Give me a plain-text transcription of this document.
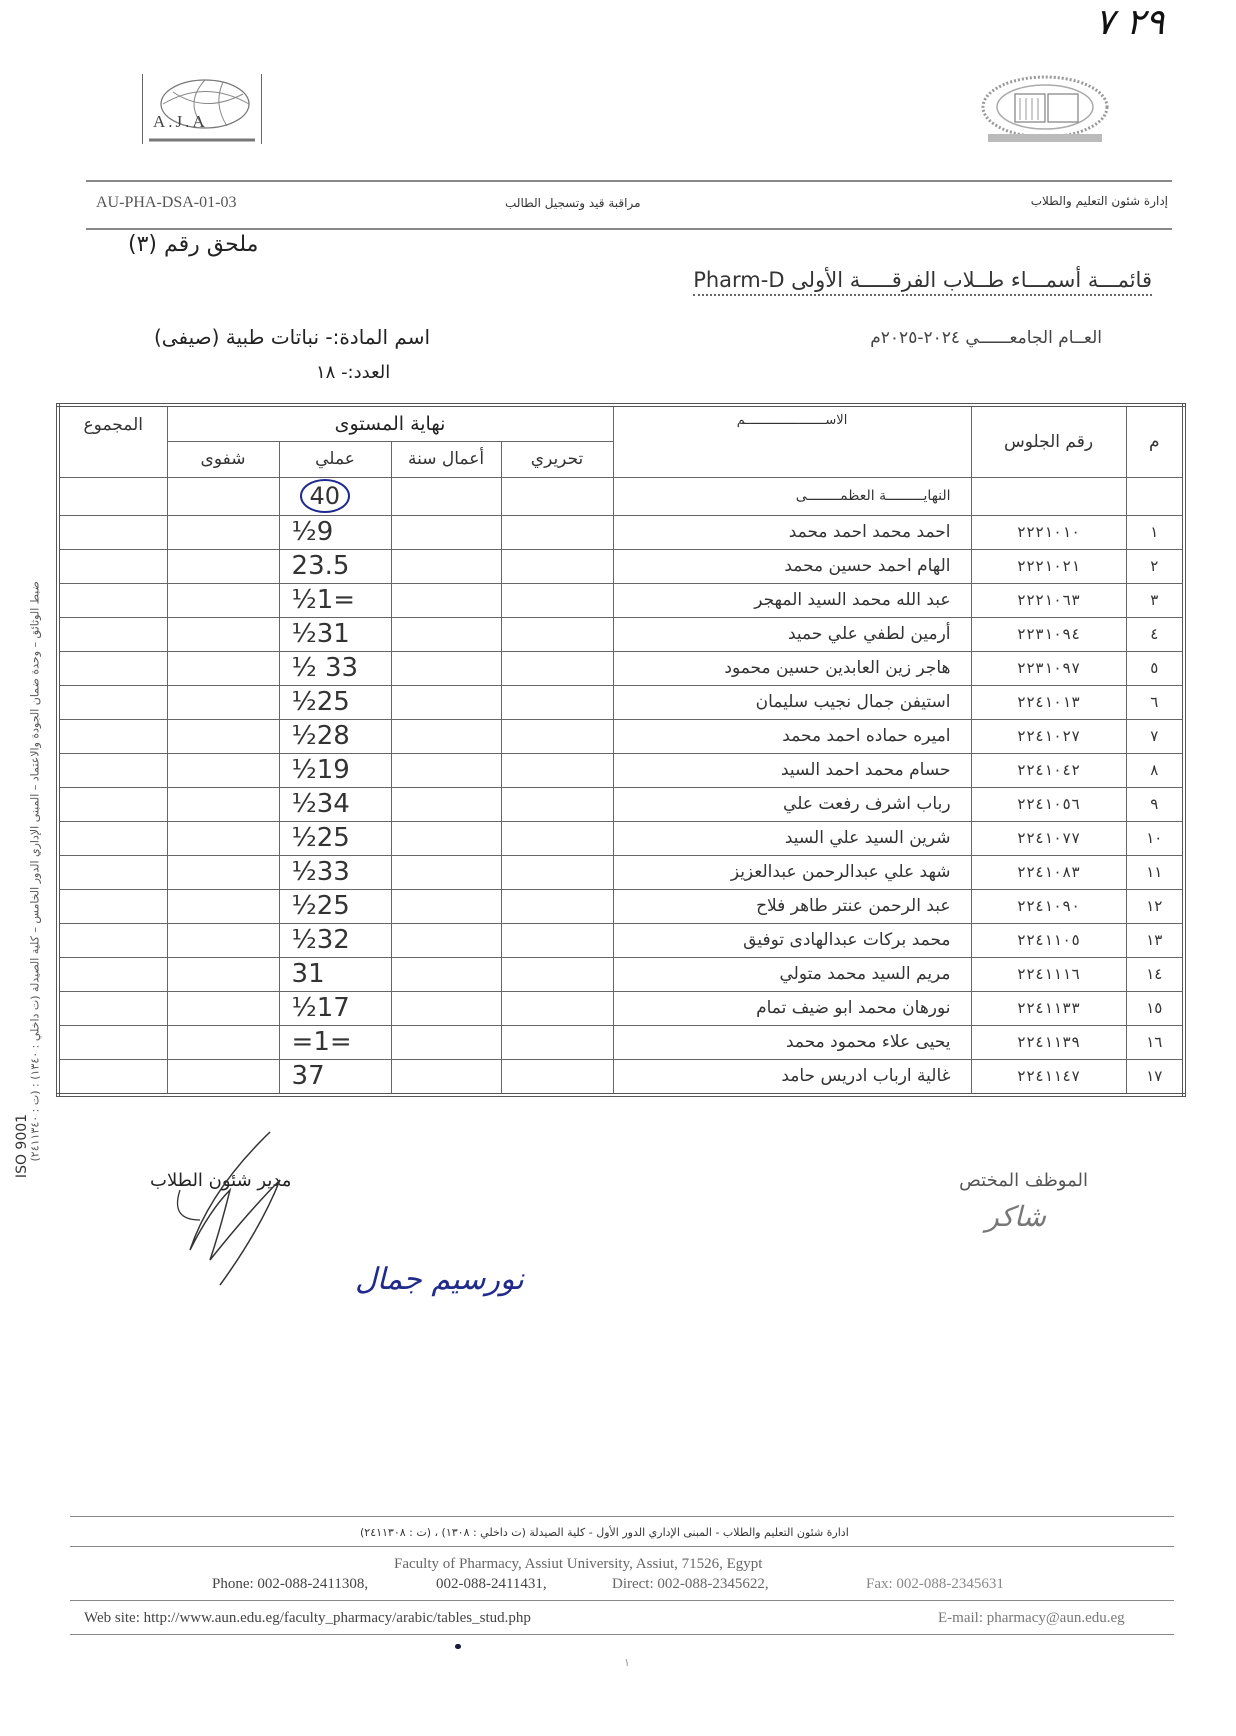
٢٩ ٧
A.J.A
AU-PHA-DSA-01-03	مراقبة قيد وتسجيل الطالب	إدارة شئون التعليم والطلاب
ملحق رقم (٣)
قائمـــة أسمـــاء طــلاب الفرقـــــة الأولى Pharm-D
العــام الجامعــــــي ٢٠٢٤-٢٠٢٥م
اسم المادة:- نباتات طبية (صيفى)
العدد:- ١٨
ضبط الوثائق – وحدة ضمان الجودة والاعتماد – المبنى الإداري الدور الخامس – كلية الصيدلة (ت داخلي : ١٣٤٠) : (ت : ٢٤١١٣٤٠)
ISO 9001
م	رقم الجلوس	الاســـــــــــــــــــــم	نهاية المستوى				المجموع
			تحريري	أعمال سنة	عملي	شفوى	
		النهايـــــــــة العظمــــــــى			40		
١	٢٢٢١٠١٠	احمد محمد احمد محمد			9½		
٢	٢٢٢١٠٢١	الهام احمد حسين محمد			23.5		
٣	٢٢٢١٠٦٣	عبد الله محمد السيد المهجر			=1½		
٤	٢٢٣١٠٩٤	أرمين لطفي علي حميد			31½		
٥	٢٢٣١٠٩٧	هاجر زين العابدين حسين محمود			33 ½		
٦	٢٢٤١٠١٣	استيفن جمال نجيب سليمان			25½		
٧	٢٢٤١٠٢٧	اميره حماده احمد محمد			28½		
٨	٢٢٤١٠٤٢	حسام محمد احمد السيد			19½		
٩	٢٢٤١٠٥٦	رباب اشرف رفعت علي			34½		
١٠	٢٢٤١٠٧٧	شرين السيد علي السيد			25½		
١١	٢٢٤١٠٨٣	شهد علي عبدالرحمن عبدالعزيز			33½		
١٢	٢٢٤١٠٩٠	عبد الرحمن عنتر طاهر فلاح			25½		
١٣	٢٢٤١١٠٥	محمد بركات عبدالهادى توفيق			32½		
١٤	٢٢٤١١١٦	مريم السيد محمد متولي			31		
١٥	٢٢٤١١٣٣	نورهان محمد ابو ضيف تمام			17½		
١٦	٢٢٤١١٣٩	يحيى علاء محمود محمد			=1=		
١٧	٢٢٤١١٤٧	غالية ارباب ادريس حامد			37		
مدير شئون الطلاب
نورسيم جمال
الموظف المختص
شاكر
ادارة شئون التعليم والطلاب - المبنى الإداري الدور الأول - كلية الصيدلة (ت داخلي : ١٣٠٨) ، (ت : ٢٤١١٣٠٨)
Faculty of Pharmacy, Assiut University, Assiut, 71526, Egypt
Phone: 002-088-2411308,	002-088-2411431,	Direct: 002-088-2345622,	Fax: 002-088-2345631
Web site: http://www.aun.edu.eg/faculty_pharmacy/arabic/tables_stud.php	E-mail: pharmacy@aun.edu.eg
١
